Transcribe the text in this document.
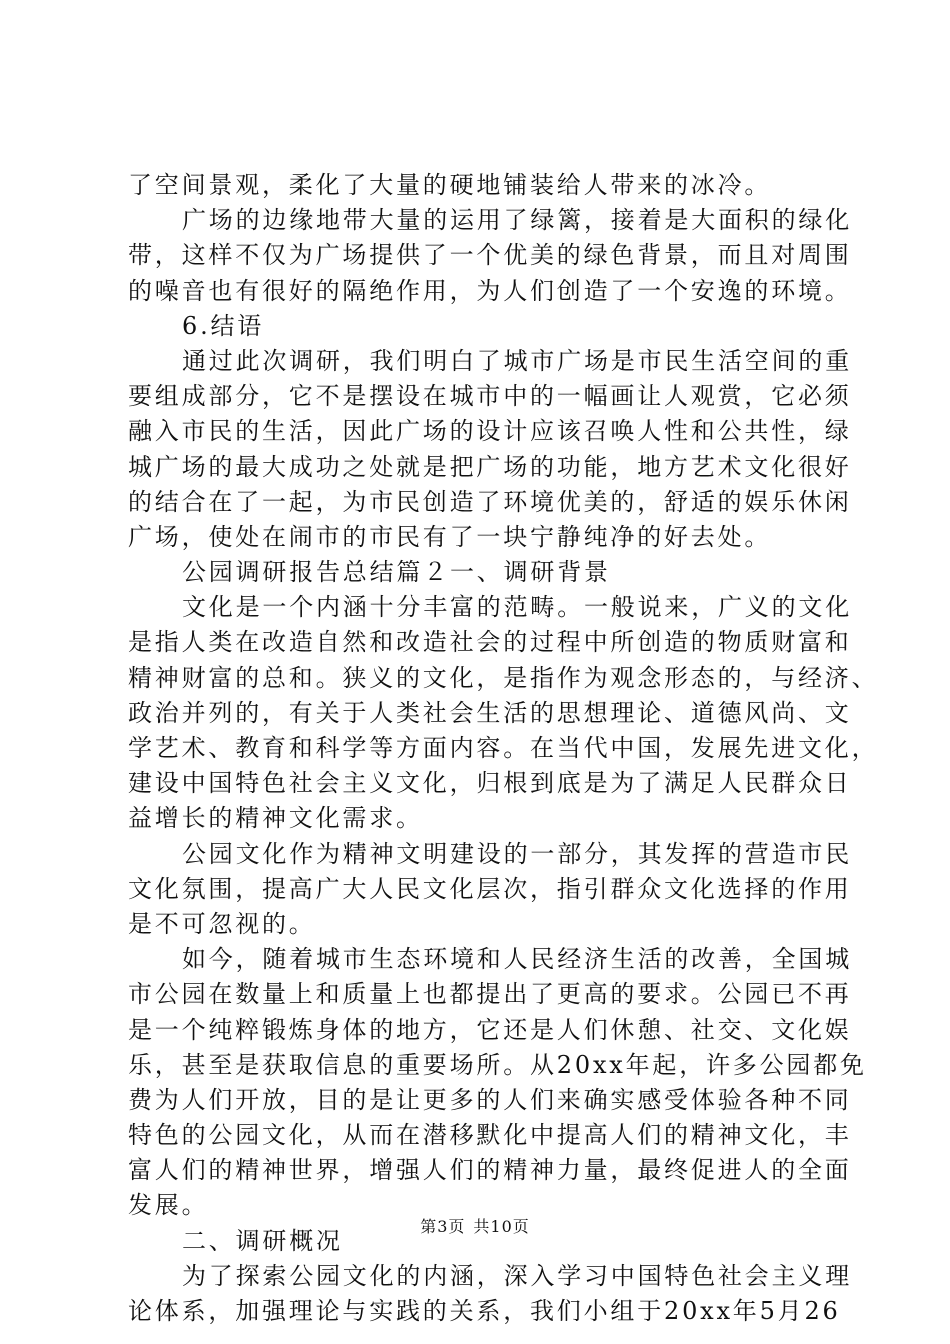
了空间景观，柔化了大量的硬地铺装给人带来的冰冷。
广场的边缘地带大量的运用了绿篱，接着是大面积的绿化
带，这样不仅为广场提供了一个优美的绿色背景，而且对周围
的噪音也有很好的隔绝作用，为人们创造了一个安逸的环境。
6.结语
通过此次调研，我们明白了城市广场是市民生活空间的重
要组成部分，它不是摆设在城市中的一幅画让人观赏，它必须
融入市民的生活，因此广场的设计应该召唤人性和公共性，绿
城广场的最大成功之处就是把广场的功能，地方艺术文化很好
的结合在了一起，为市民创造了环境优美的，舒适的娱乐休闲
广场，使处在闹市的市民有了一块宁静纯净的好去处。
公园调研报告总结篇２一、调研背景
文化是一个内涵十分丰富的范畴。一般说来，广义的文化
是指人类在改造自然和改造社会的过程中所创造的物质财富和
精神财富的总和。狭义的文化，是指作为观念形态的，与经济、
政治并列的，有关于人类社会生活的思想理论、道德风尚、文
学艺术、教育和科学等方面内容。在当代中国，发展先进文化，
建设中国特色社会主义文化，归根到底是为了满足人民群众日
益增长的精神文化需求。
公园文化作为精神文明建设的一部分，其发挥的营造市民
文化氛围，提高广大人民文化层次，指引群众文化选择的作用
是不可忽视的。
如今，随着城市生态环境和人民经济生活的改善，全国城
市公园在数量上和质量上也都提出了更高的要求。公园已不再
是一个纯粹锻炼身体的地方，它还是人们休憩、社交、文化娱
乐，甚至是获取信息的重要场所。从20xx年起，许多公园都免
费为人们开放，目的是让更多的人们来确实感受体验各种不同
特色的公园文化，从而在潜移默化中提高人们的精神文化，丰
富人们的精神世界，增强人们的精神力量，最终促进人的全面
发展。
二、调研概况
为了探索公园文化的内涵，深入学习中国特色社会主义理
论体系，加强理论与实践的关系，我们小组于20xx年5月26
第3页 共10页
